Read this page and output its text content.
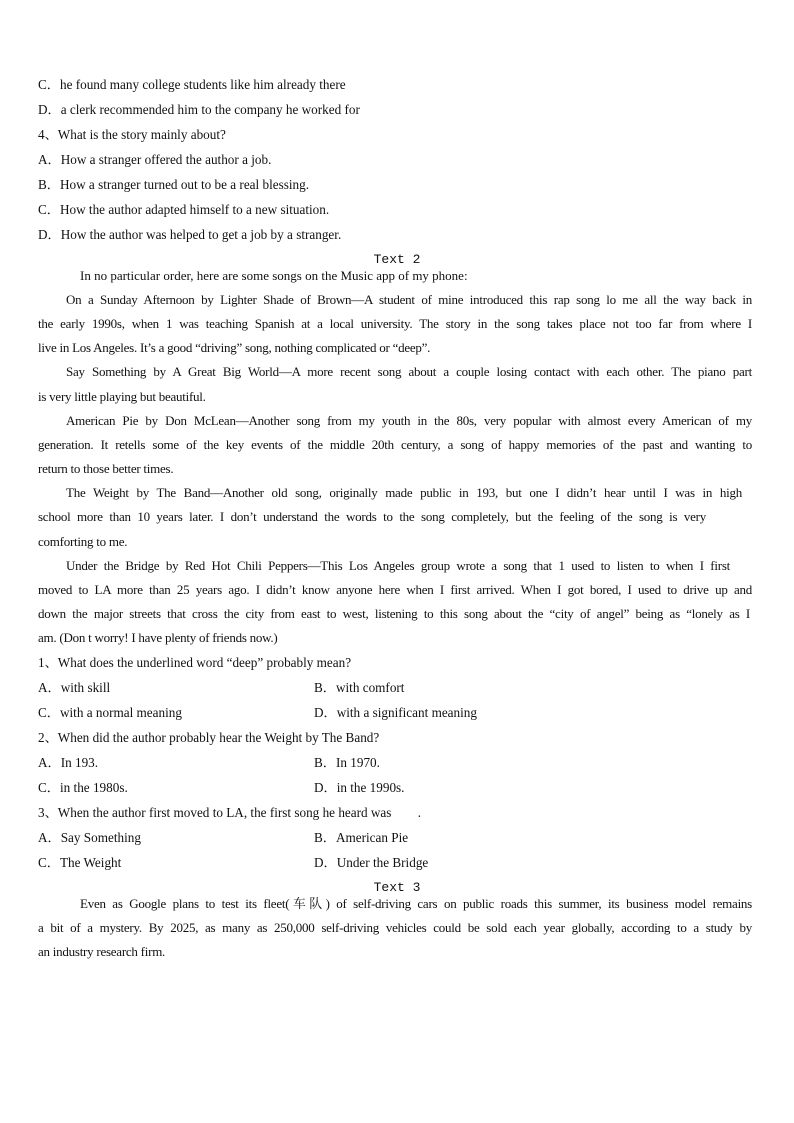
C．he found many college students like him already there
D．a clerk recommended him to the company he worked for
4、What is the story mainly about?
A．How a stranger offered the author a job.
B．How a stranger turned out to be a real blessing.
C．How the author adapted himself to a new situation.
D．How the author was helped to get a job by a stranger.
Text 2
In no particular order, here are some songs on the Music app of my phone:
On a Sunday Afternoon by Lighter Shade of Brown—A student of mine introduced this rap song lo me all the way back in
the early 1990s, when 1 was teaching Spanish at a local university. The story in the song takes place not too far from where I
live in Los Angeles. It’s a good “driving” song, nothing complicated or “deep”.
Say Something by A Great Big World—A more recent song about a couple losing contact with each other. The piano part
is very little playing but beautiful.
American Pie by Don McLean—Another song from my youth in the 80s, very popular with almost every American of my
generation. It retells some of the key events of the middle 20th century, a song of happy memories of the past and wanting to
return to those better times.
The Weight by The Band—Another old song, originally made public in 193, but one I didn’t hear until I was in high
school more than 10 years later. I don’t understand the words to the song completely, but the feeling of the song is very
comforting to me.
Under the Bridge by Red Hot Chili Peppers—This Los Angeles group wrote a song that 1 used to listen to when I first
moved to LA more than 25 years ago. I didn’t know anyone here when I first arrived. When I got bored, I used to drive up and
down the major streets that cross the city from east to west, listening to this song about the “city of angel” being as “lonely as I
am. (Don t worry! I have plenty of friends now.)
1、What does the underlined word “deep” probably mean?
A．with skill	B．with comfort
C．with a normal meaning	D．with a significant meaning
2、When did the author probably hear the Weight by The Band?
A．In 193.	B．In 1970.
C．in the 1980s.	D．in the 1990s.
3、When the author first moved to LA, the first song he heard was        .
A．Say Something	B．American Pie
C．The Weight	D．Under the Bridge
Text 3
Even as Google plans to test its fleet(车队) of self-driving cars on public roads this summer, its business model remains
a bit of a mystery. By 2025, as many as 250,000 self-driving vehicles could be sold each year globally, according to a study by
an industry research firm.
